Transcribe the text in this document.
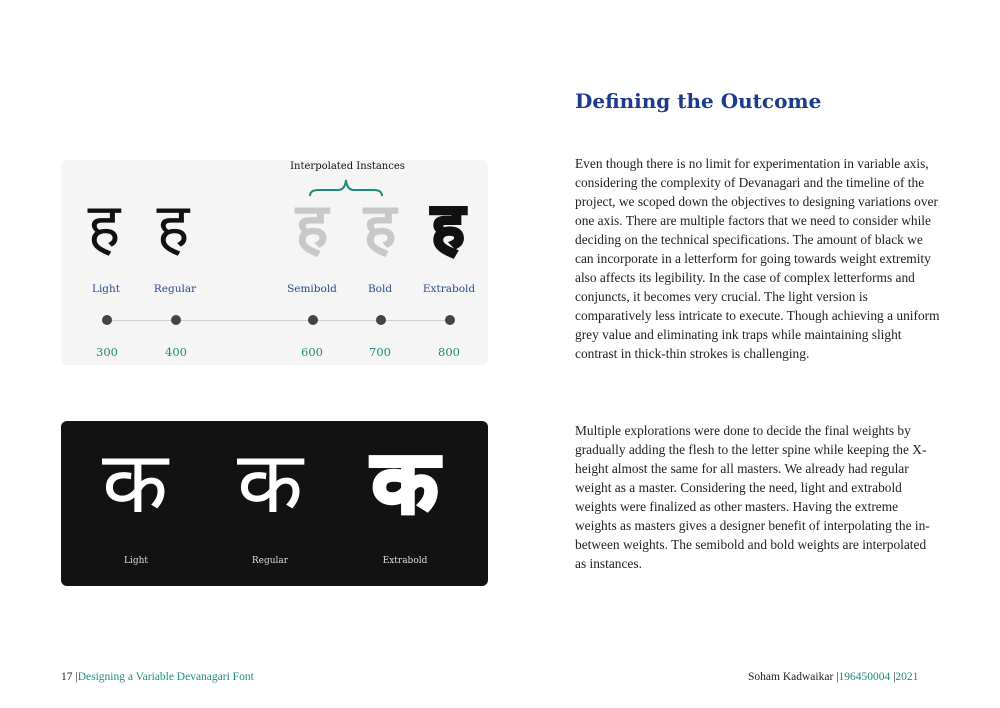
Interpolated Instances
ह ह ह ह ह
Light	Regular	Semibold	Bold	Extrabold
300	400	600	700	800
क क क
Light	Regular	Extrabold
Defining the Outcome

Even though there is no limit for experimentation in variable axis, considering the complexity of Devanagari and the timeline of the project, we scoped down the objectives to designing variations over one axis. There are multiple factors that we need to consider while deciding on the technical specifications. The amount of black we can incorporate in a letterform for going towards weight extremity also affects its legibility. In the case of complex letterforms and conjuncts, it becomes very crucial. The light version is comparatively less intricate to execute. Though achieving a uniform grey value and eliminating ink traps while maintaining slight contrast in thick-thin strokes is challenging.

Multiple explorations were done to decide the final weights by gradually adding the flesh to the letter spine while keeping the X-height almost the same for all masters. We already had regular weight as a master. Considering the need, light and extrabold weights were finalized as other masters. Having the extreme weights as masters gives a designer benefit of interpolating the in-between weights. The semibold and bold weights are interpolated as instances.

17 |Designing a Variable Devanagari Font	Soham Kadwaikar |196450004 |2021
